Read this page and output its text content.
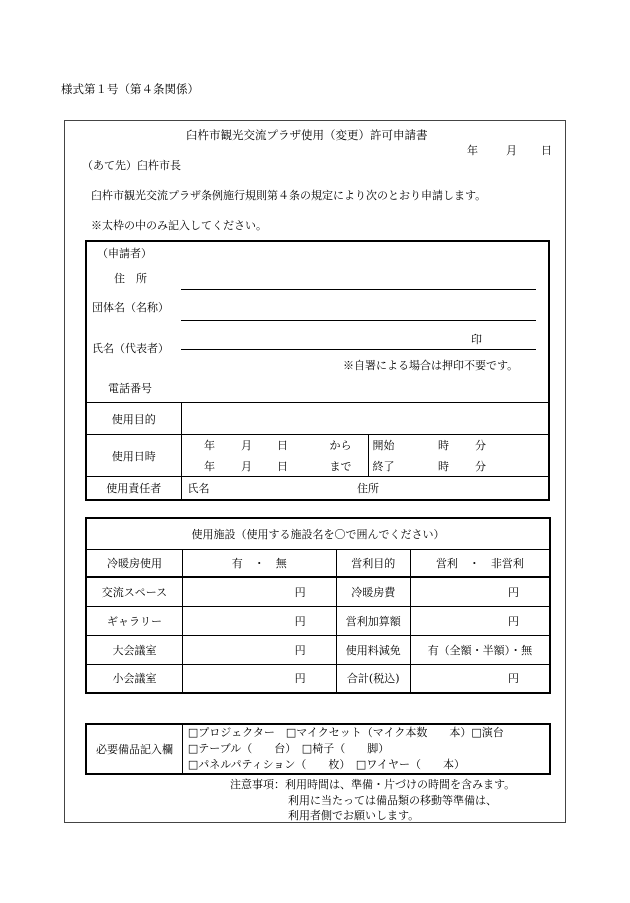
様式第１号（第４条関係）
臼杵市観光交流プラザ使用（変更）許可申請書
年	月 日
（あて先）臼杵市長
臼杵市観光交流プラザ条例施行規則第４条の規定により次のとおり申請します。
※太枠の中のみ記入してください。
（申請者）
住　所
団体名（名称）
印
氏名（代表者）
※自署による場合は押印不要です。
電話番号
使用目的								
使用日時	年	月	日	から	開始	時	分	
	年	月	日	まで	終了	時	分	
使用責任者	氏名			住所				
使用施設（使用する施設名を〇で囲んでください）			
冷暖房使用	有　・　無	営利目的	営利　・　非営利
交流スペース	円	冷暖房費	円
ギャラリー	円	営利加算額	円
大会議室	円	使用料減免	有（全額・半額）・無
小会議室	円	合計(税込)	円
必要備品記入欄	
□プロジェクター　□マイクセット（マイク本数　　本）□演台
□テーブル（　　台）　□椅子（　　脚）
□パネルパティション（　　枚）　□ワイヤー（　　本）
注意事項：利用時間は、準備・片づけの時間を含みます。
利用に当たっては備品類の移動等準備は、
利用者側でお願いします。
